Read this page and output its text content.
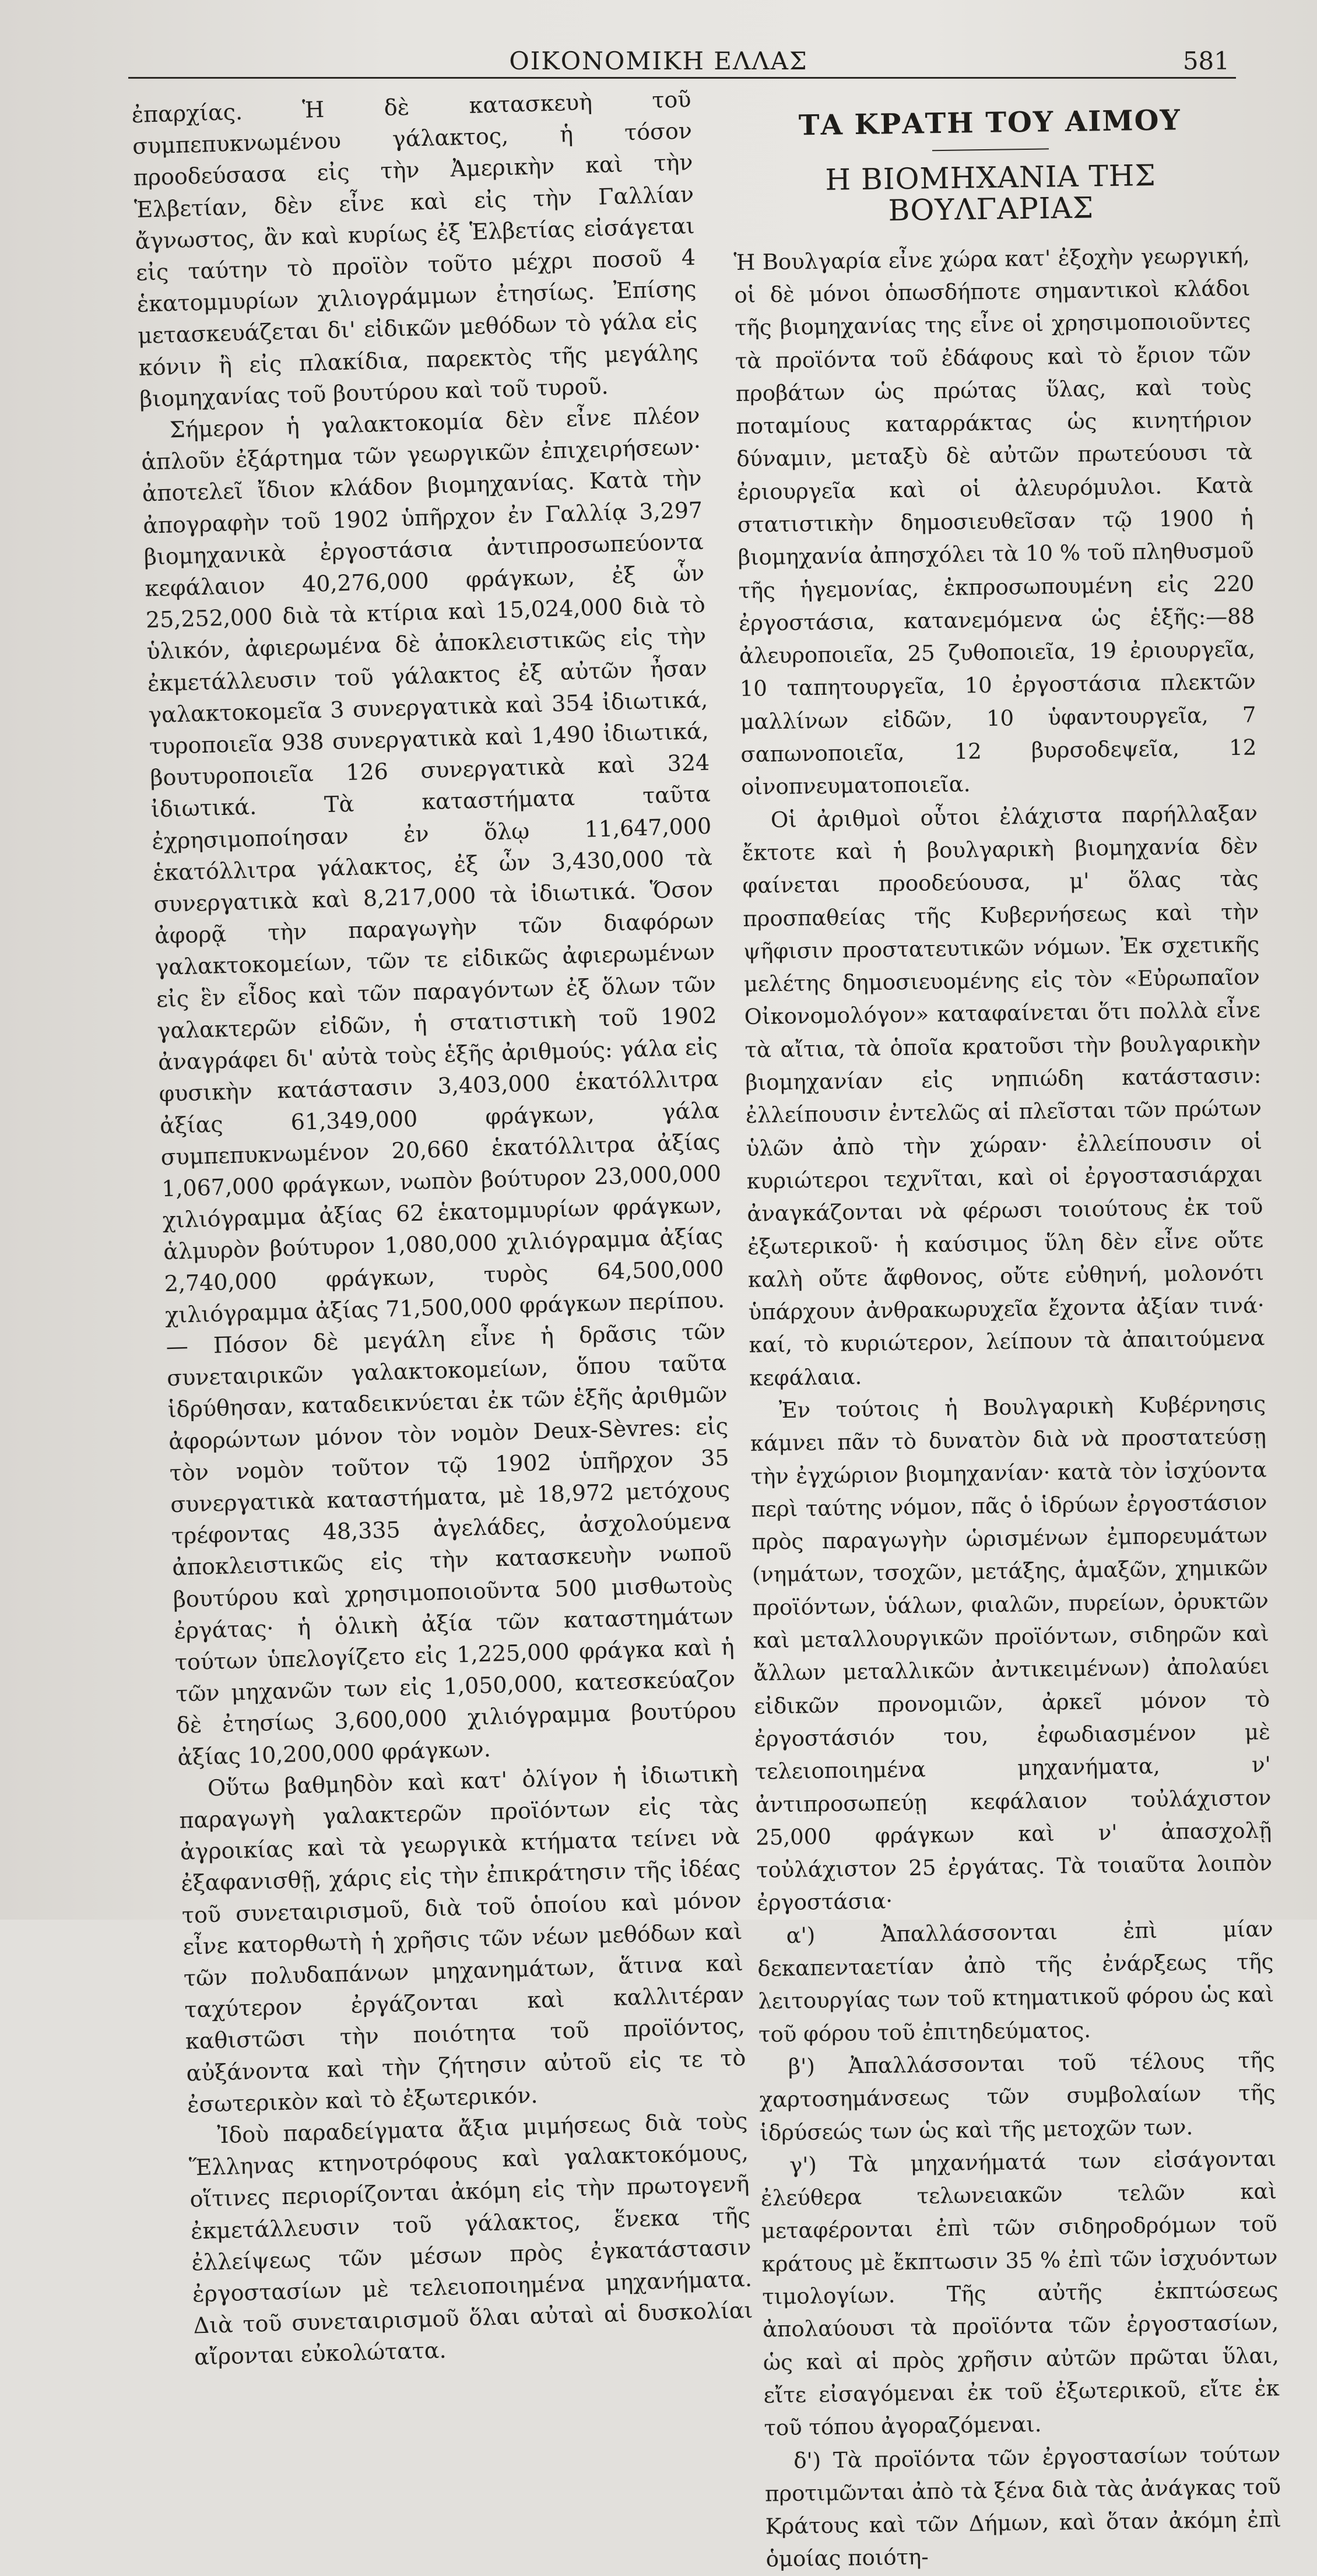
ΟΙΚΟΝΟΜΙΚΗ ΕΛΛΑΣ	581

ἐπαρχίας. Ἡ δὲ κατασκευὴ τοῦ συμπεπυκνωμένου γάλακτος, ἡ τόσον προοδεύσασα εἰς τὴν Ἀμερικὴν καὶ τὴν Ἑλβετίαν, δὲν εἶνε καὶ εἰς τὴν Γαλλίαν ἄγνωστος, ἂν καὶ κυρίως ἐξ Ἑλβετίας εἰσάγεται εἰς ταύτην τὸ προϊὸν τοῦτο μέχρι ποσοῦ 4 ἑκατομμυρίων χιλιογράμμων ἐτησίως. Ἐπίσης μετασκευάζεται δι' εἰδικῶν μεθόδων τὸ γάλα εἰς κόνιν ἢ εἰς πλακίδια, παρεκτὸς τῆς μεγάλης βιομηχανίας τοῦ βουτύρου καὶ τοῦ τυροῦ.

Σήμερον ἡ γαλακτοκομία δὲν εἶνε πλέον ἁπλοῦν ἐξάρτημα τῶν γεωργικῶν ἐπιχειρήσεων· ἀποτελεῖ ἴδιον κλάδον βιομηχανίας. Κατὰ τὴν ἀπογραφὴν τοῦ 1902 ὑπῆρχον ἐν Γαλλίᾳ 3,297 βιομηχανικὰ ἐργοστάσια ἀντιπροσωπεύοντα κεφάλαιον 40,276,000 φράγκων, ἐξ ὧν 25,252,000 διὰ τὰ κτίρια καὶ 15,024,000 διὰ τὸ ὑλικόν, ἀφιερωμένα δὲ ἀποκλειστικῶς εἰς τὴν ἐκμετάλλευσιν τοῦ γάλακτος ἐξ αὐτῶν ἦσαν γαλακτοκομεῖα 3 συνεργατικὰ καὶ 354 ἰδιωτικά, τυροποιεῖα 938 συνεργατικὰ καὶ 1,490 ἰδιωτικά, βουτυροποιεῖα 126 συνεργατικὰ καὶ 324 ἰδιωτικά. Τὰ καταστήματα ταῦτα ἐχρησιμοποίησαν ἐν ὅλῳ 11,647,000 ἑκατόλλιτρα γάλακτος, ἐξ ὧν 3,430,000 τὰ συνεργατικὰ καὶ 8,217,000 τὰ ἰδιωτικά. Ὅσον ἀφορᾷ τὴν παραγωγὴν τῶν διαφόρων γαλακτοκομείων, τῶν τε εἰδικῶς ἀφιερωμένων εἰς ἓν εἶδος καὶ τῶν παραγόντων ἐξ ὅλων τῶν γαλακτερῶν εἰδῶν, ἡ στατιστικὴ τοῦ 1902 ἀναγράφει δι' αὐτὰ τοὺς ἑξῆς ἀριθμούς: γάλα εἰς φυσικὴν κατάστασιν 3,403,000 ἑκατόλλιτρα ἀξίας 61,349,000 φράγκων, γάλα συμπεπυκνωμένον 20,660 ἑκατόλλιτρα ἀξίας 1,067,000 φράγκων, νωπὸν βούτυρον 23,000,000 χιλιόγραμμα ἀξίας 62 ἑκατομμυρίων φράγκων, ἁλμυρὸν βούτυρον 1,080,000 χιλιόγραμμα ἀξίας 2,740,000 φράγκων, τυρὸς 64,500,000 χιλιόγραμμα ἀξίας 71,500,000 φράγκων περίπου.— Πόσον δὲ μεγάλη εἶνε ἡ δρᾶσις τῶν συνεταιρικῶν γαλακτοκομείων, ὅπου ταῦτα ἱδρύθησαν, καταδεικνύεται ἐκ τῶν ἑξῆς ἀριθμῶν ἀφορώντων μόνον τὸν νομὸν Deux-Sèvres: εἰς τὸν νομὸν τοῦτον τῷ 1902 ὑπῆρχον 35 συνεργατικὰ καταστήματα, μὲ 18,972 μετόχους τρέφοντας 48,335 ἀγελάδες, ἀσχολούμενα ἀποκλειστικῶς εἰς τὴν κατασκευὴν νωποῦ βουτύρου καὶ χρησιμοποιοῦντα 500 μισθωτοὺς ἐργάτας· ἡ ὁλικὴ ἀξία τῶν καταστημάτων τούτων ὑπελογίζετο εἰς 1,225,000 φράγκα καὶ ἡ τῶν μηχανῶν των εἰς 1,050,000, κατεσκεύαζον δὲ ἐτησίως 3,600,000 χιλιόγραμμα βουτύρου ἀξίας 10,200,000 φράγκων.

Οὕτω βαθμηδὸν καὶ κατ' ὀλίγον ἡ ἰδιωτικὴ παραγωγὴ γαλακτερῶν προϊόντων εἰς τὰς ἀγροικίας καὶ τὰ γεωργικὰ κτήματα τείνει νὰ ἐξαφανισθῇ, χάρις εἰς τὴν ἐπικράτησιν τῆς ἰδέας τοῦ συνεταιρισμοῦ, διὰ τοῦ ὁποίου καὶ μόνον εἶνε κατορθωτὴ ἡ χρῆσις τῶν νέων μεθόδων καὶ τῶν πολυδαπάνων μηχανημάτων, ἅτινα καὶ ταχύτερον ἐργάζονται καὶ καλλιτέραν καθιστῶσι τὴν ποιότητα τοῦ προϊόντος, αὐξάνοντα καὶ τὴν ζήτησιν αὐτοῦ εἰς τε τὸ ἐσωτερικὸν καὶ τὸ ἐξωτερικόν.

Ἰδοὺ παραδείγματα ἄξια μιμήσεως διὰ τοὺς Ἕλληνας κτηνοτρόφους καὶ γαλακτοκόμους, οἵτινες περιορίζονται ἀκόμη εἰς τὴν πρωτογενῆ ἐκμετάλλευσιν τοῦ γάλακτος, ἕνεκα τῆς ἐλλείψεως τῶν μέσων πρὸς ἐγκατάστασιν ἐργοστασίων μὲ τελειοποιημένα μηχανήματα. Διὰ τοῦ συνεταιρισμοῦ ὅλαι αὐταὶ αἱ δυσκολίαι αἴρονται εὐκολώτατα.

ΤΑ ΚΡΑΤΗ ΤΟΥ ΑΙΜΟΥ
Η ΒΙΟΜΗΧΑΝΙΑ ΤΗΣ ΒΟΥΛΓΑΡΙΑΣ

Ἡ Βουλγαρία εἶνε χώρα κατ' ἐξοχὴν γεωργική, οἱ δὲ μόνοι ὁπωσδήποτε σημαντικοὶ κλάδοι τῆς βιομηχανίας της εἶνε οἱ χρησιμοποιοῦντες τὰ προϊόντα τοῦ ἐδάφους καὶ τὸ ἔριον τῶν προβάτων ὡς πρώτας ὕλας, καὶ τοὺς ποταμίους καταρράκτας ὡς κινητήριον δύναμιν, μεταξὺ δὲ αὐτῶν πρωτεύουσι τὰ ἐριουργεῖα καὶ οἱ ἀλευρόμυλοι. Κατὰ στατιστικὴν δημοσιευθεῖσαν τῷ 1900 ἡ βιομηχανία ἀπησχόλει τὰ 10 % τοῦ πληθυσμοῦ τῆς ἡγεμονίας, ἐκπροσωπουμένη εἰς 220 ἐργοστάσια, κατανεμόμενα ὡς ἑξῆς:—88 ἀλευροποιεῖα, 25 ζυθοποιεῖα, 19 ἐριουργεῖα, 10 ταπητουργεῖα, 10 ἐργοστάσια πλεκτῶν μαλλίνων εἰδῶν, 10 ὑφαντουργεῖα, 7 σαπωνοποιεῖα, 12 βυρσοδεψεῖα, 12 οἰνοπνευματοποιεῖα.

Οἱ ἀριθμοὶ οὗτοι ἐλάχιστα παρήλλαξαν ἔκτοτε καὶ ἡ βουλγαρικὴ βιομηχανία δὲν φαίνεται προοδεύουσα, μ' ὅλας τὰς προσπαθείας τῆς Κυβερνήσεως καὶ τὴν ψῆφισιν προστατευτικῶν νόμων. Ἐκ σχετικῆς μελέτης δημοσιευομένης εἰς τὸν «Εὐρωπαῖον Οἰκονομολόγον» καταφαίνεται ὅτι πολλὰ εἶνε τὰ αἴτια, τὰ ὁποῖα κρατοῦσι τὴν βουλγαρικὴν βιομηχανίαν εἰς νηπιώδη κατάστασιν: ἐλλείπουσιν ἐντελῶς αἱ πλεῖσται τῶν πρώτων ὑλῶν ἀπὸ τὴν χώραν· ἐλλείπουσιν οἱ κυριώτεροι τεχνῖται, καὶ οἱ ἐργοστασιάρχαι ἀναγκάζονται νὰ φέρωσι τοιούτους ἐκ τοῦ ἐξωτερικοῦ· ἡ καύσιμος ὕλη δὲν εἶνε οὔτε καλὴ οὔτε ἄφθονος, οὔτε εὐθηνή, μολονότι ὑπάρχουν ἀνθρακωρυχεῖα ἔχοντα ἀξίαν τινά· καί, τὸ κυριώτερον, λείπουν τὰ ἀπαιτούμενα κεφάλαια.

Ἐν τούτοις ἡ Βουλγαρικὴ Κυβέρνησις κάμνει πᾶν τὸ δυνατὸν διὰ νὰ προστατεύσῃ τὴν ἐγχώριον βιομηχανίαν· κατὰ τὸν ἰσχύοντα περὶ ταύτης νόμον, πᾶς ὁ ἱδρύων ἐργοστάσιον πρὸς παραγωγὴν ὡρισμένων ἐμπορευμάτων (νημάτων, τσοχῶν, μετάξης, ἁμαξῶν, χημικῶν προϊόντων, ὑάλων, φιαλῶν, πυρείων, ὀρυκτῶν καὶ μεταλλουργικῶν προϊόντων, σιδηρῶν καὶ ἄλλων μεταλλικῶν ἀντικειμένων) ἀπολαύει εἰδικῶν προνομιῶν, ἀρκεῖ μόνον τὸ ἐργοστάσιόν του, ἐφωδιασμένον μὲ τελειοποιημένα μηχανήματα, ν' ἀντιπροσωπεύῃ κεφάλαιον τοὐλάχιστον 25,000 φράγκων καὶ ν' ἀπασχολῇ τοὐλάχιστον 25 ἐργάτας. Τὰ τοιαῦτα λοιπὸν ἐργοστάσια·

α') Ἀπαλλάσσονται ἐπὶ μίαν δεκαπενταετίαν ἀπὸ τῆς ἐνάρξεως τῆς λειτουργίας των τοῦ κτηματικοῦ φόρου ὡς καὶ τοῦ φόρου τοῦ ἐπιτηδεύματος.

β') Ἀπαλλάσσονται τοῦ τέλους τῆς χαρτοσημάνσεως τῶν συμβολαίων τῆς ἱδρύσεώς των ὡς καὶ τῆς μετοχῶν των.

γ') Τὰ μηχανήματά των εἰσάγονται ἐλεύθερα τελωνειακῶν τελῶν καὶ μεταφέρονται ἐπὶ τῶν σιδηροδρόμων τοῦ κράτους μὲ ἔκπτωσιν 35 % ἐπὶ τῶν ἰσχυόντων τιμολογίων. Τῆς αὐτῆς ἐκπτώσεως ἀπολαύουσι τὰ προϊόντα τῶν ἐργοστασίων, ὡς καὶ αἱ πρὸς χρῆσιν αὐτῶν πρῶται ὕλαι, εἴτε εἰσαγόμεναι ἐκ τοῦ ἐξωτερικοῦ, εἴτε ἐκ τοῦ τόπου ἀγοραζόμεναι.

δ') Τὰ προϊόντα τῶν ἐργοστασίων τούτων προτιμῶνται ἀπὸ τὰ ξένα διὰ τὰς ἀνάγκας τοῦ Κράτους καὶ τῶν Δήμων, καὶ ὅταν ἀκόμη ἐπὶ ὁμοίας ποιότη-
